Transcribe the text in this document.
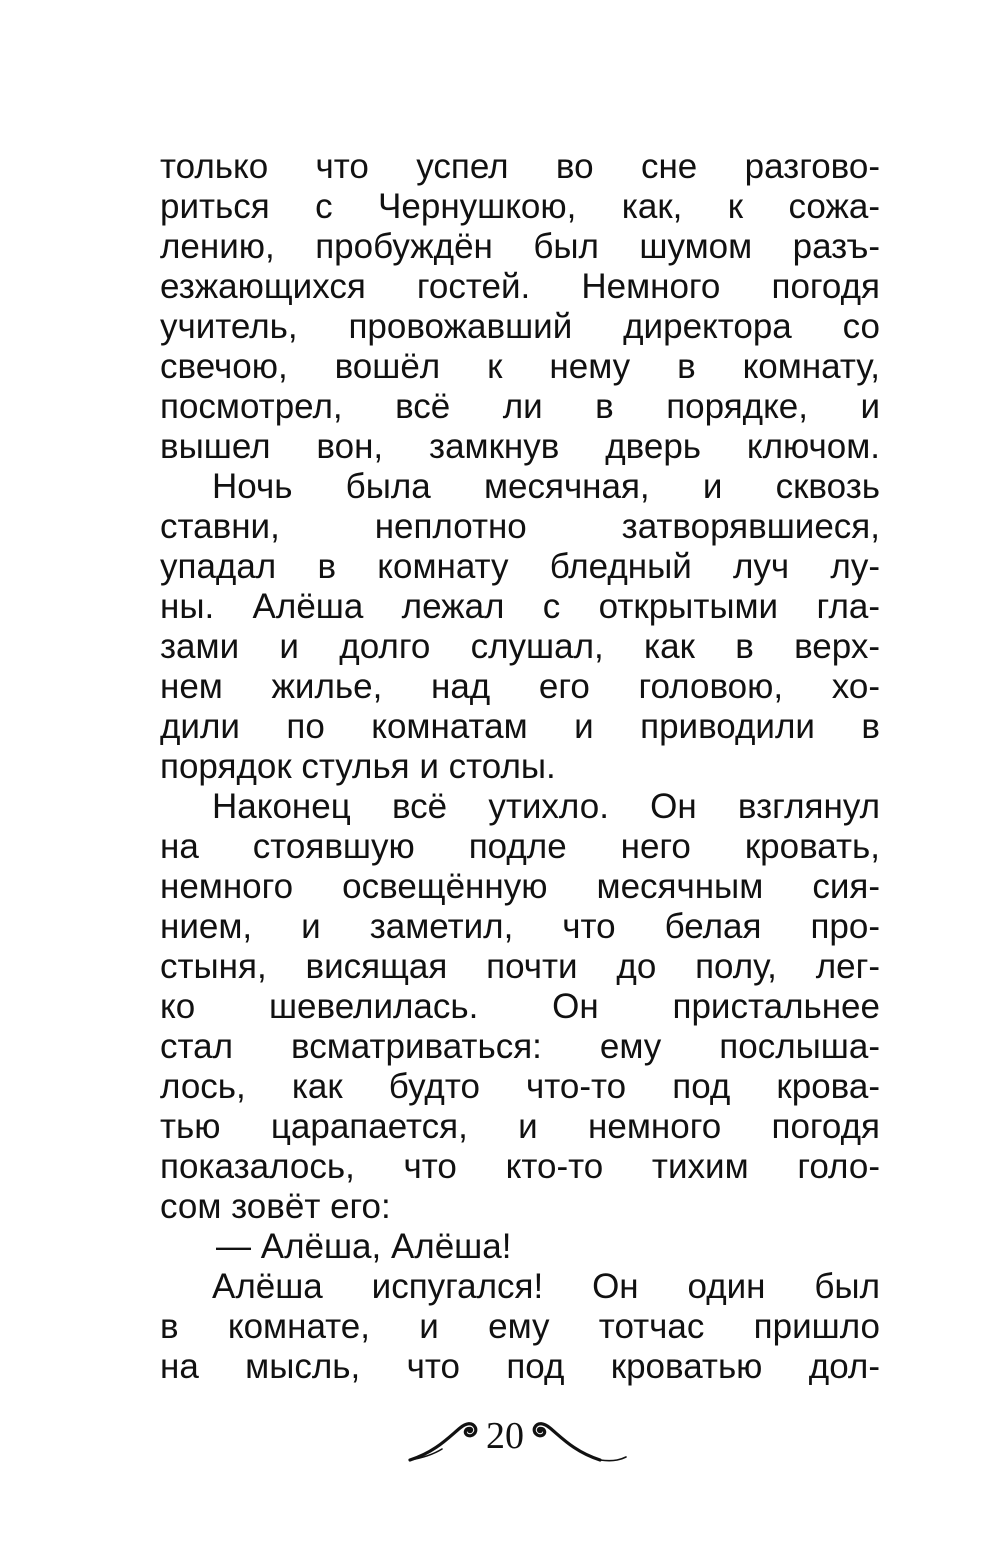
только что успел во сне разгово-
риться с Чернушкою, как, к сожа-
лению, пробуждён был шумом разъ-
езжающихся гостей. Немного погодя
учитель, провожавший директора со
свечою, вошёл к нему в комнату,
посмотрел, всё ли в порядке, и
вышел вон, замкнув дверь ключом.
Ночь была месячная, и сквозь
ставни, неплотно затворявшиеся,
упадал в комнату бледный луч лу-
ны. Алёша лежал с открытыми гла-
зами и долго слушал, как в верх-
нем жилье, над его головою, хо-
дили по комнатам и приводили в
порядок стулья и столы.
Наконец всё утихло. Он взглянул
на стоявшую подле него кровать,
немного освещённую месячным сия-
нием, и заметил, что белая про-
стыня, висящая почти до полу, лег-
ко шевелилась. Он пристальнее
стал всматриваться: ему послыша-
лось, как будто что-то под крова-
тью царапается, и немного погодя
показалось, что кто-то тихим голо-
сом зовёт его:
— Алёша, Алёша!
Алёша испугался! Он один был
в комнате, и ему тотчас пришло
на мысль, что под кроватью дол-
20
